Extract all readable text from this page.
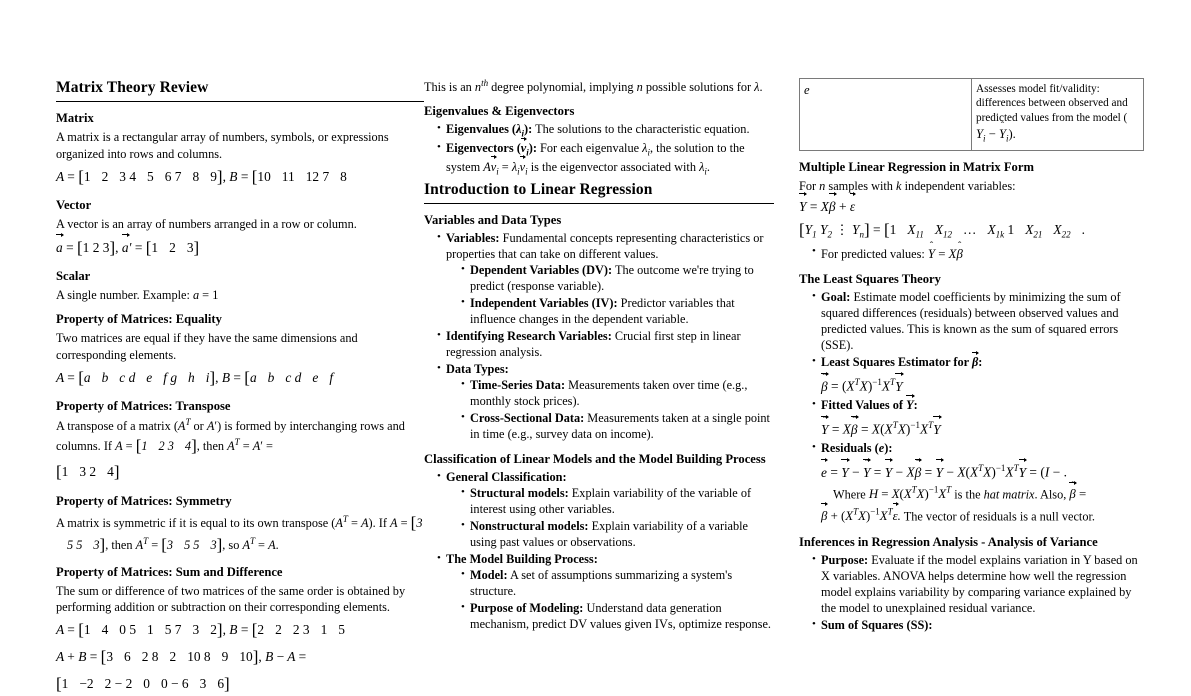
Matrix Theory Review
Matrix

A matrix is a rectangular array of numbers, symbols, or expressions organized into rows and columns.

A = [1 2 3 4 5 6 7 8 9], B = [10 11 12 7 8
Vector

A vector is an array of numbers arranged in a row or column.

a = [1 2 3], a
′ = [1 2 3]
Scalar

A single number. Example: a = 1

Property of Matrices: Equality

Two matrices are equal if they have the same dimensions and corresponding elements.

A = [a b c d e f g h i], B = [a b c d e f
Property of Matrices: Transpose

A transpose of a matrix ($A^T$ or A′) is formed by interchanging rows and columns. If A = [1 2 3 4], then $A^T = A'$ =

[1 3 2 4]
Property of Matrices: Symmetry

A matrix is symmetric if it is equal to its own transpose $(A^T = A)$. If A = [35 5 3], then $A^T = [3$ 5 5 3], so $A^T = A$.

Property of Matrices: Sum and Difference

The sum or difference of two matrices of the same order is obtained by performing addition or subtraction on their corresponding elements.

A = [1 4 0 5 1 5 7 3 2], B = [2 2 2 3 1 5
A + B = [3 6 2 8 2 10 8 9 10], B − A =
[1 −2 2 − 2 0 0 − 6 3 6]

This is an $n^{th}$ degree polynomial, implying n possible solutions for λ.

Eigenvalues & Eigenvectors
• Eigenvalues $(\lambda_i)$: The solutions to the characteristic equation.
• Eigenvectors (v
$_i$): For each eigenvalue $\lambda_i$, the solution to the system Av
$_i = \lambda_iv$
$_i$ is the eigenvector associated with $\lambda_i$.
Introduction to Linear Regression
Variables and Data Types
• Variables: Fundamental concepts representing characteristics or properties that can take on different values.
• Dependent Variables (DV): The outcome we're trying to predict (response variable).
• Independent Variables (IV): Predictor variables that influence changes in the dependent variable.
• Identifying Research Variables: Crucial first step in linear regression analysis.
• Data Types:
• Time-Series Data: Measurements taken over time (e.g., monthly stock prices).
• Cross-Sectional Data: Measurements taken at a single point in time (e.g., survey data on income).
Classification of Linear Models and the Model Building Process
• General Classification:
• Structural models: Explain variability of the variable of interest using other variables.
• Nonstructural models: Explain variability of a variable using past values or observations.
• The Model Building Process:
• Model: A set of assumptions summarizing a system's structure.
• Purpose of Modeling: Understand data generation mechanism, predict DV values given IVs, optimize response.
e	Assesses model fit/validity:
differences between observed and
predicted values from the model (
$Y_i - Y$
$_i$).
Multiple Linear Regression in Matrix Form

For n samples with k independent variables:

Y = Xβ + ε
[$Y_1$ $Y_2$ ⋮ $Y_n] = [1$ $X_{11}$ $X_{12}$ … $X_{1k}$ 1 $X_{21}$ $X_{22}$ .
• For predicted values: Y = Xβ
The Least Squares Theory
• Goal: Estimate model coefficients by minimizing the sum of squared differences (residuals) between observed values and predicted values. This is known as the sum of squared errors (SSE).
• Least Squares Estimator for β
:
$\beta = (X^TX)^{-1}X^TY$
• Fitted Values of Y
:
$Y = X\beta = X(X^TX)^{-1}X^TY$
• Residuals (e):
$e = Y - Y = Y - X\beta = Y - X(X^TX)^{-1}X^TY = (I$ − .
Where $H = X(X^TX)^{-1}X^T$ is the hat matrix. Also, β =
$\beta + (X^TX)^{-1}X^T\varepsilon$
. The vector of residuals is a null vector.
Inferences in Regression Analysis - Analysis of Variance
• Purpose: Evaluate if the model explains variation in Y based on X variables. ANOVA helps determine how well the regression model explains variability by comparing variance explained by the model to unexplained residual variance.
• Sum of Squares (SS):
